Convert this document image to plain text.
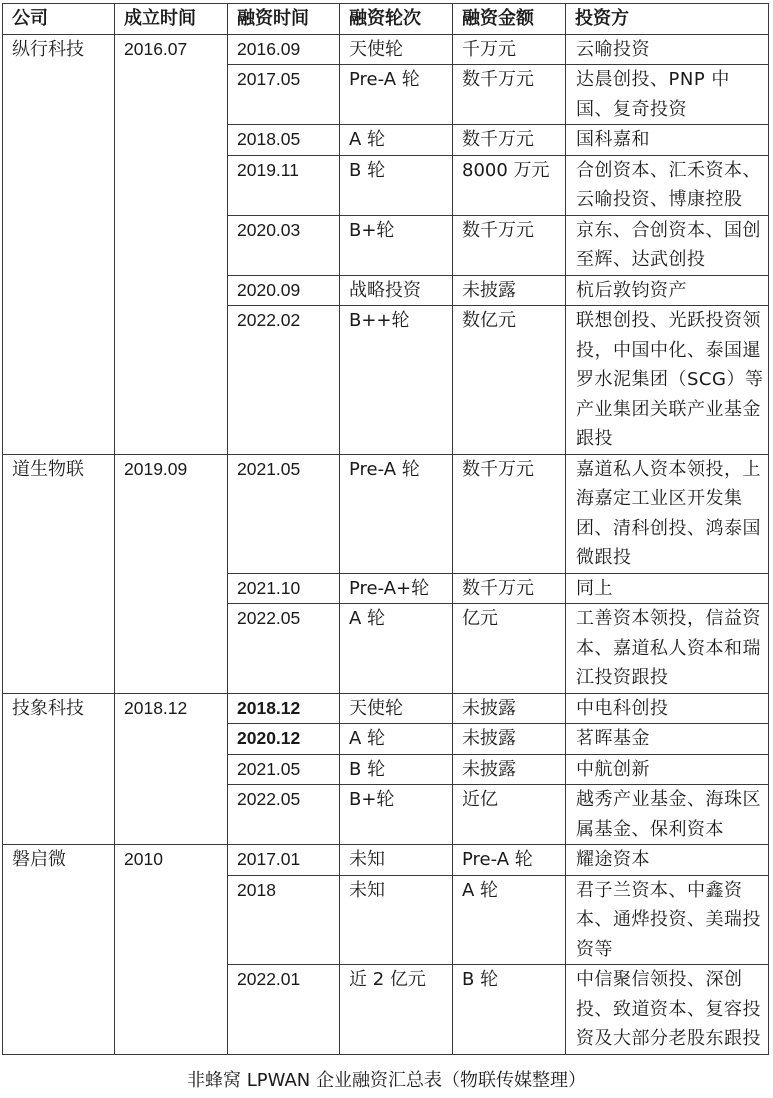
公司	成立时间	融资时间	融资轮次	融资金额	投资方
纵行科技	2016.07	2016.09	天使轮	千万元	云喻投资
		2017.05	Pre-A 轮	数千万元	达晨创投、PNP 中国、复奇投资
		2018.05	A 轮	数千万元	国科嘉和
		2019.11	B 轮	8000 万元	合创资本、汇禾资本、云喻投资、博康控股
		2020.03	B+轮	数千万元	京东、合创资本、国创至辉、达武创投
		2020.09	战略投资	未披露	杭后敦钧资产
		2022.02	B++轮	数亿元	联想创投、光跃投资领投，中国中化、泰国暹罗水泥集团（SCG）等产业集团关联产业基金跟投
道生物联	2019.09	2021.05	Pre-A 轮	数千万元	嘉道私人资本领投，上海嘉定工业区开发集团、清科创投、鸿泰国微跟投
		2021.10	Pre-A+轮	数千万元	同上
		2022.05	A 轮	亿元	工善资本领投，信益资本、嘉道私人资本和瑞江投资跟投
技象科技	2018.12	2018.12	天使轮	未披露	中电科创投
		2020.12	A 轮	未披露	茗晖基金
		2021.05	B 轮	未披露	中航创新
		2022.05	B+轮	近亿	越秀产业基金、海珠区属基金、保利资本
磐启微	2010	2017.01	未知	Pre-A 轮	耀途资本
		2018	未知	A 轮	君子兰资本、中鑫资本、通烨投资、美瑞投资等
		2022.01	近 2 亿元	B 轮	中信聚信领投、深创投、致道资本、复容投资及大部分老股东跟投
非蜂窝 LPWAN 企业融资汇总表（物联传媒整理）
